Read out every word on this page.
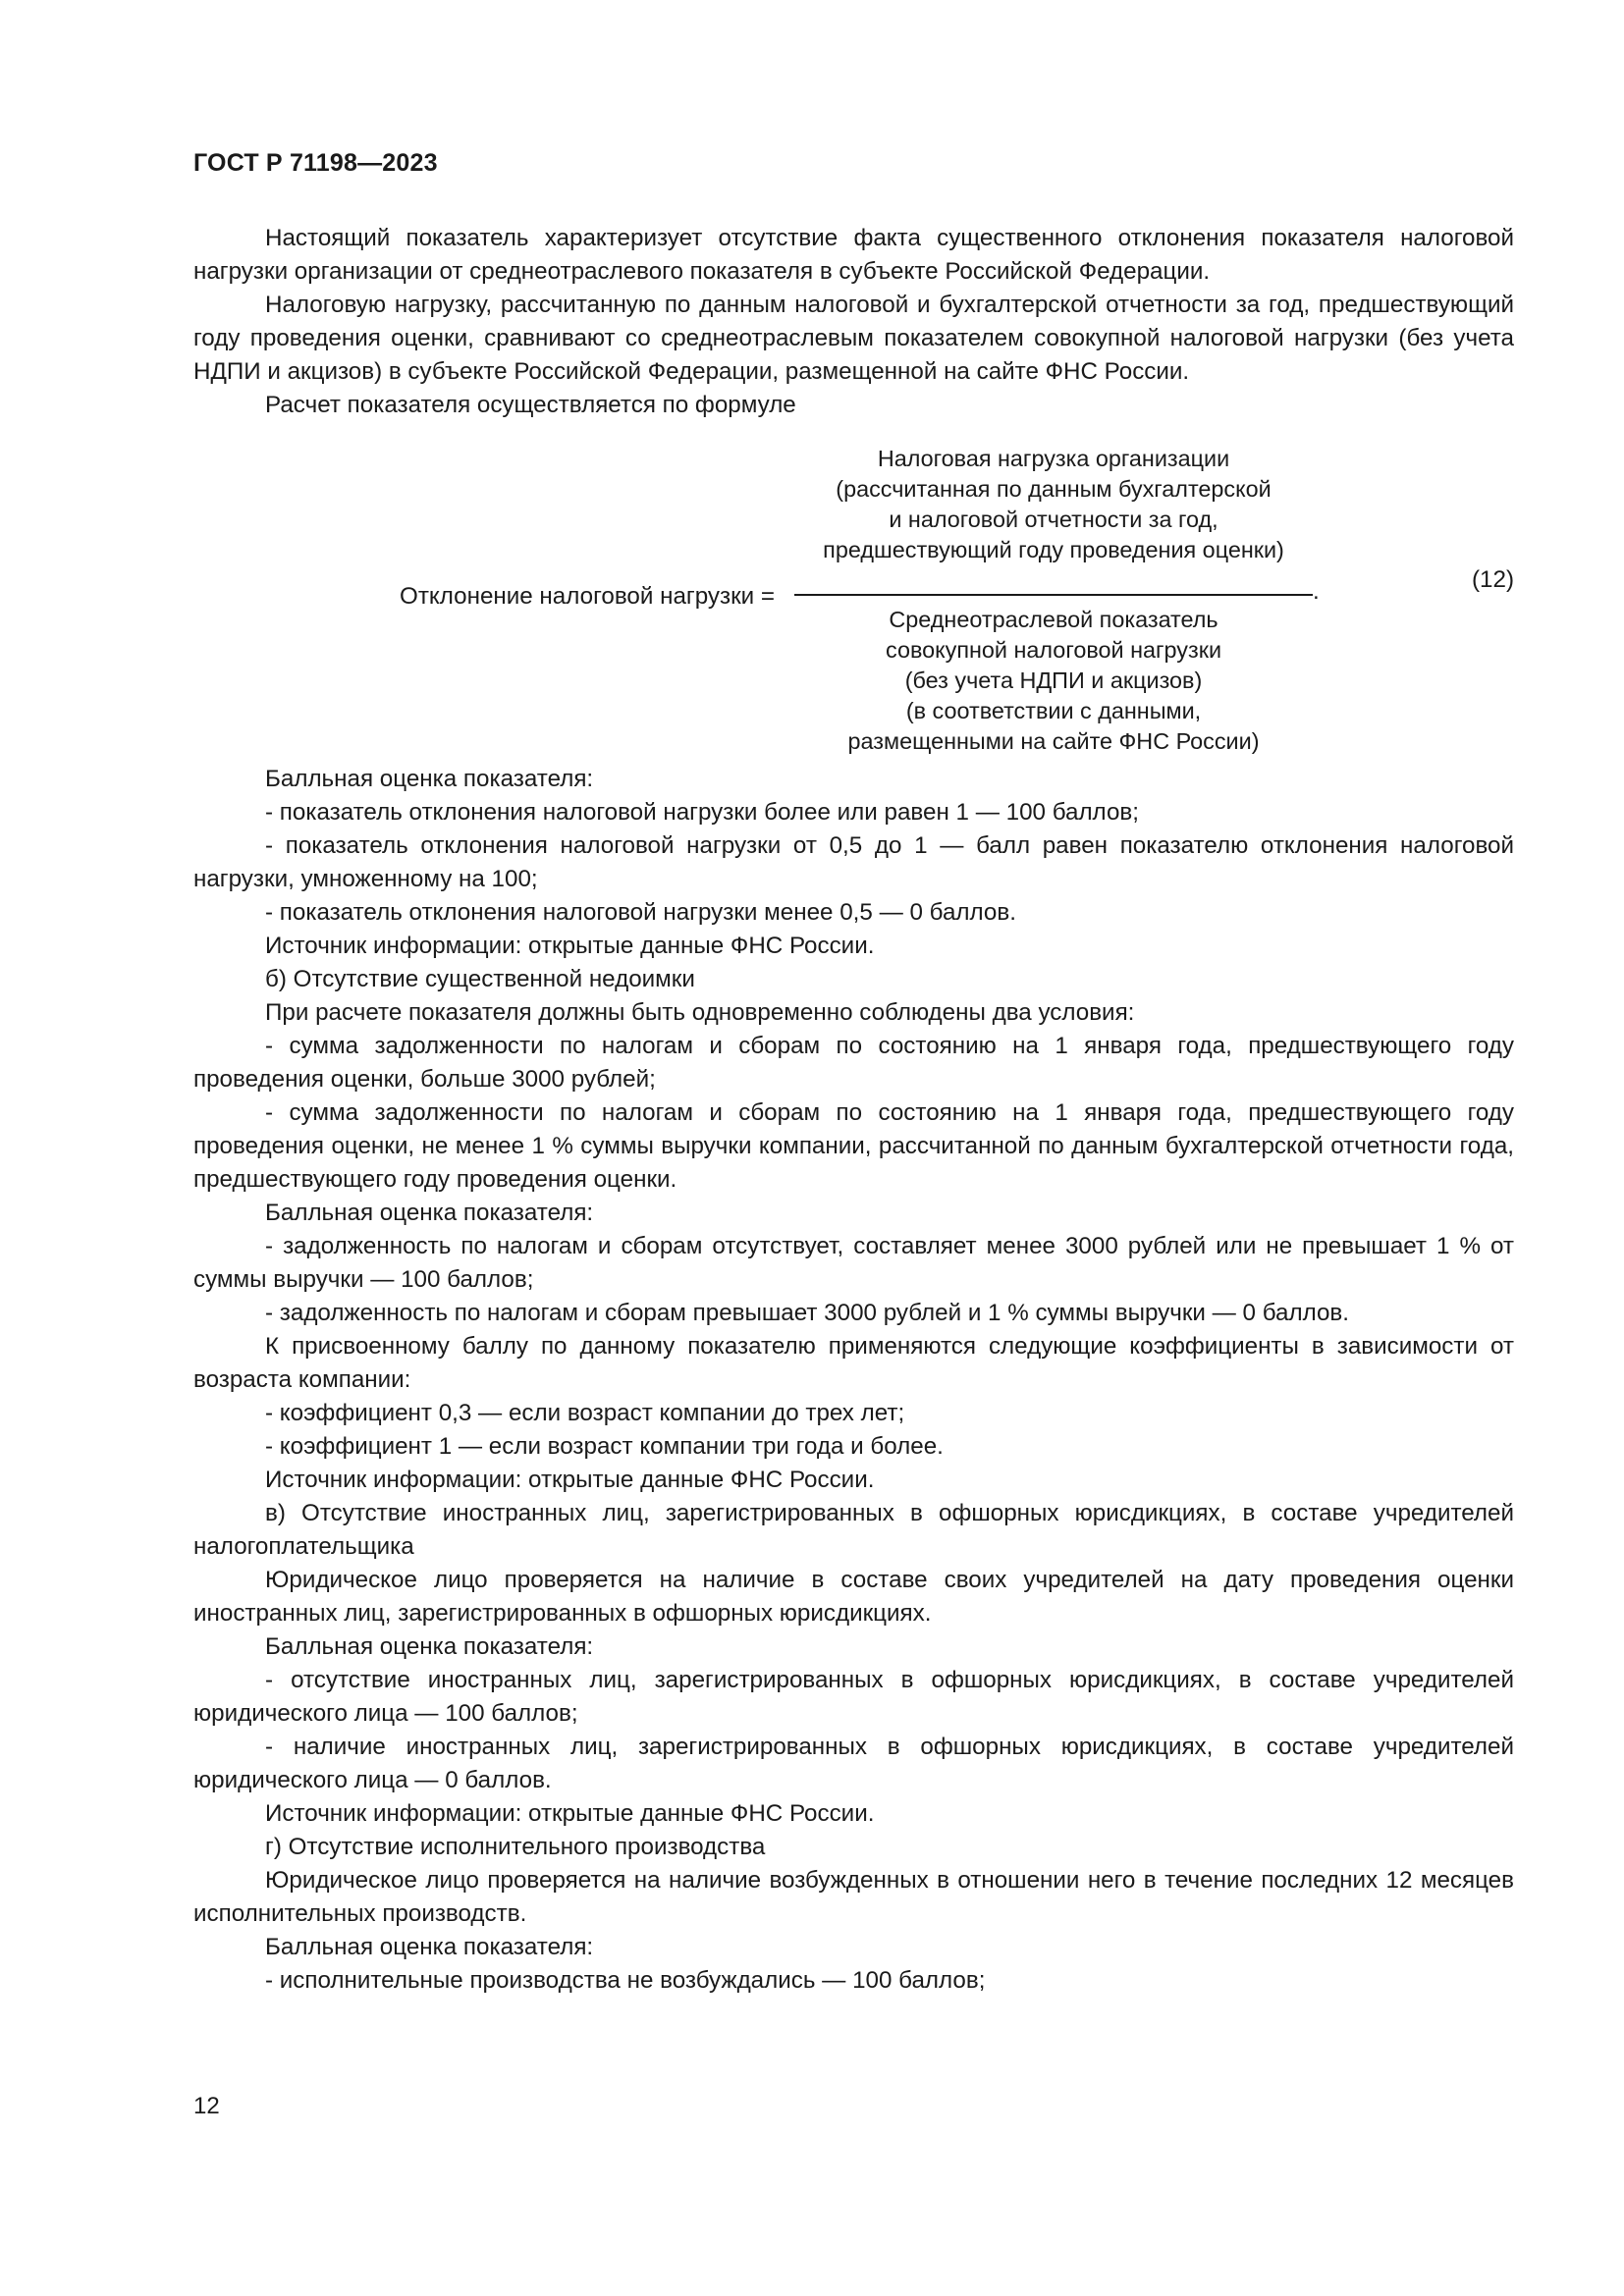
ГОСТ Р 71198—2023

Настоящий показатель характеризует отсутствие факта существенного отклонения показателя налоговой нагрузки организации от среднеотраслевого показателя в субъекте Российской Федерации.

Налоговую нагрузку, рассчитанную по данным налоговой и бухгалтерской отчетности за год, предшествующий году проведения оценки, сравнивают со среднеотраслевым показателем совокупной налоговой нагрузки (без учета НДПИ и акцизов) в субъекте Российской Федерации, размещенной на сайте ФНС России.

Расчет показателя осуществляется по формуле

Отклонение налоговой нагрузки =
Налоговая нагрузка организации
(рассчитанная по данным бухгалтерской
и налоговой отчетности за год,
предшествующий году проведения оценки)
Среднеотраслевой показатель
совокупной налоговой нагрузки
(без учета НДПИ и акцизов)
(в соответствии с данными,
размещенными на сайте ФНС России)
.	(12)

Балльная оценка показателя:

- показатель отклонения налоговой нагрузки более или равен 1 — 100 баллов;

- показатель отклонения налоговой нагрузки от 0,5 до 1 — балл равен показателю отклонения налоговой нагрузки, умноженному на 100;

- показатель отклонения налоговой нагрузки менее 0,5 — 0 баллов.

Источник информации: открытые данные ФНС России.

б) Отсутствие существенной недоимки

При расчете показателя должны быть одновременно соблюдены два условия:

- сумма задолженности по налогам и сборам по состоянию на 1 января года, предшествующего году проведения оценки, больше 3000 рублей;

- сумма задолженности по налогам и сборам по состоянию на 1 января года, предшествующего году проведения оценки, не менее 1 % суммы выручки компании, рассчитанной по данным бухгалтерской отчетности года, предшествующего году проведения оценки.

Балльная оценка показателя:

- задолженность по налогам и сборам отсутствует, составляет менее 3000 рублей или не превышает 1 % от суммы выручки — 100 баллов;

- задолженность по налогам и сборам превышает 3000 рублей и 1 % суммы выручки — 0 баллов.

К присвоенному баллу по данному показателю применяются следующие коэффициенты в зависимости от возраста компании:

- коэффициент 0,3 — если возраст компании до трех лет;

- коэффициент 1 — если возраст компании три года и более.

Источник информации: открытые данные ФНС России.

в) Отсутствие иностранных лиц, зарегистрированных в офшорных юрисдикциях, в составе учредителей налогоплательщика

Юридическое лицо проверяется на наличие в составе своих учредителей на дату проведения оценки иностранных лиц, зарегистрированных в офшорных юрисдикциях.

Балльная оценка показателя:

- отсутствие иностранных лиц, зарегистрированных в офшорных юрисдикциях, в составе учредителей юридического лица — 100 баллов;

- наличие иностранных лиц, зарегистрированных в офшорных юрисдикциях, в составе учредителей юридического лица — 0 баллов.

Источник информации: открытые данные ФНС России.

г) Отсутствие исполнительного производства

Юридическое лицо проверяется на наличие возбужденных в отношении него в течение последних 12 месяцев исполнительных производств.

Балльная оценка показателя:

- исполнительные производства не возбуждались — 100 баллов;

12
